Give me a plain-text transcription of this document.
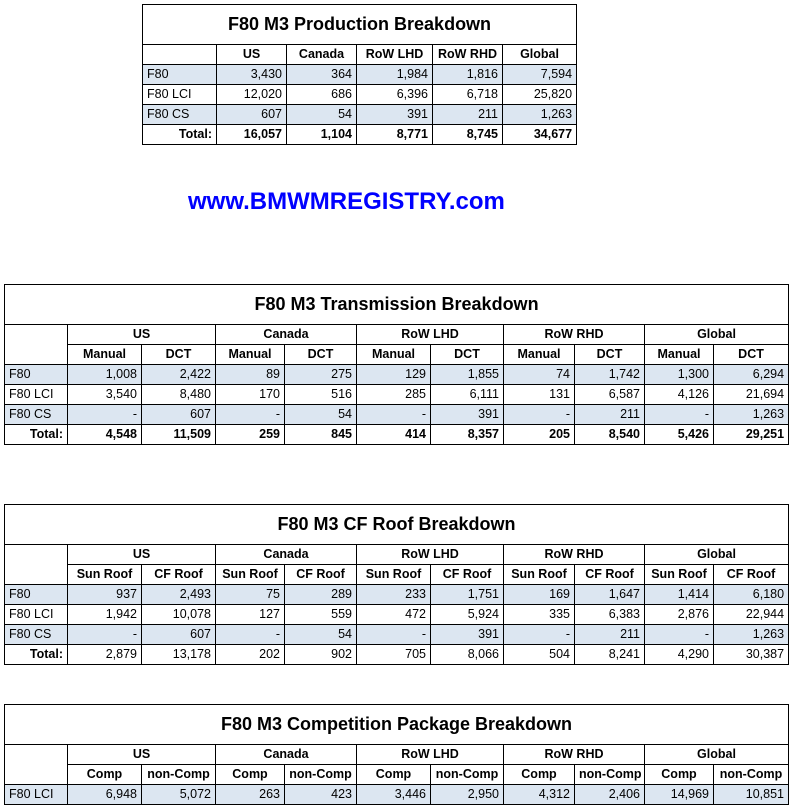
F80 M3 Production Breakdown					
	US	Canada	RoW LHD	RoW RHD	Global
F80	3,430	364	1,984	1,816	7,594
F80 LCI	12,020	686	6,396	6,718	25,820
F80 CS	607	54	391	211	1,263
Total:	16,057	1,104	8,771	8,745	34,677
www.BMWMREGISTRY.com
F80 M3 Transmission Breakdown										
	US		Canada		RoW LHD		RoW RHD		Global	
	Manual	DCT	Manual	DCT	Manual	DCT	Manual	DCT	Manual	DCT
F80	1,008	2,422	89	275	129	1,855	74	1,742	1,300	6,294
F80 LCI	3,540	8,480	170	516	285	6,111	131	6,587	4,126	21,694
F80 CS	-	607	-	54	-	391	-	211	-	1,263
Total:	4,548	11,509	259	845	414	8,357	205	8,540	5,426	29,251
F80 M3 CF Roof Breakdown										
	US		Canada		RoW LHD		RoW RHD		Global	
	Sun Roof	CF Roof	Sun Roof	CF Roof	Sun Roof	CF Roof	Sun Roof	CF Roof	Sun Roof	CF Roof
F80	937	2,493	75	289	233	1,751	169	1,647	1,414	6,180
F80 LCI	1,942	10,078	127	559	472	5,924	335	6,383	2,876	22,944
F80 CS	-	607	-	54	-	391	-	211	-	1,263
Total:	2,879	13,178	202	902	705	8,066	504	8,241	4,290	30,387
F80 M3 Competition Package Breakdown										
	US		Canada		RoW LHD		RoW RHD		Global	
	Comp	non-Comp	Comp	non-Comp	Comp	non-Comp	Comp	non-Comp	Comp	non-Comp
F80 LCI	6,948	5,072	263	423	3,446	2,950	4,312	2,406	14,969	10,851
